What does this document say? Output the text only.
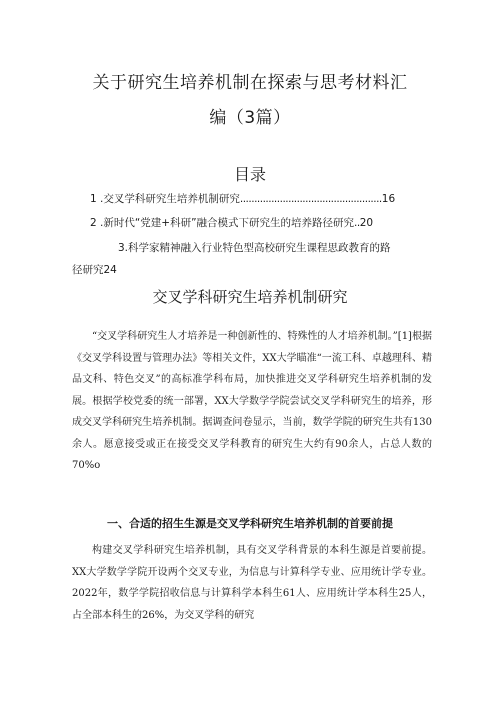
关于研究生培养机制在探索与思考材料汇
编（3篇）
目录
1 .交叉学科研究生培养机制研究..................................................16
2 .新时代“党建+科研”融合模式下研究生的培养路径研究..20
3.科学家精神融入行业特色型高校研究生课程思政教育的路
径研究24
交叉学科研究生培养机制研究

“交叉学科研究生人才培养是一种创新性的、特殊性的人才培养机制。”[1]根据《交叉学科设置与管理办法》等相关文件，XX大学瞄准“一流工科、卓越理科、精品文科、特色交叉”的高标准学科布局，加快推进交叉学科研究生培养机制的发展。根据学校党委的统一部署，XX大学数学学院尝试交叉学科研究生的培养，形成交叉学科研究生培养机制。据调查问卷显示，当前，数学学院的研究生共有130余人。愿意接受或正在接受交叉学科教育的研究生大约有90余人，占总人数的70%o

一、合适的招生生源是交叉学科研究生培养机制的首要前提

构建交叉学科研究生培养机制，具有交叉学科背景的本科生源是首要前提。XX大学数学学院开设两个交叉专业，为信息与计算科学专业、应用统计学专业。2022年，数学学院招收信息与计算科学本科生61人、应用统计学本科生25人，占全部本科生的26%，为交叉学科的研究
